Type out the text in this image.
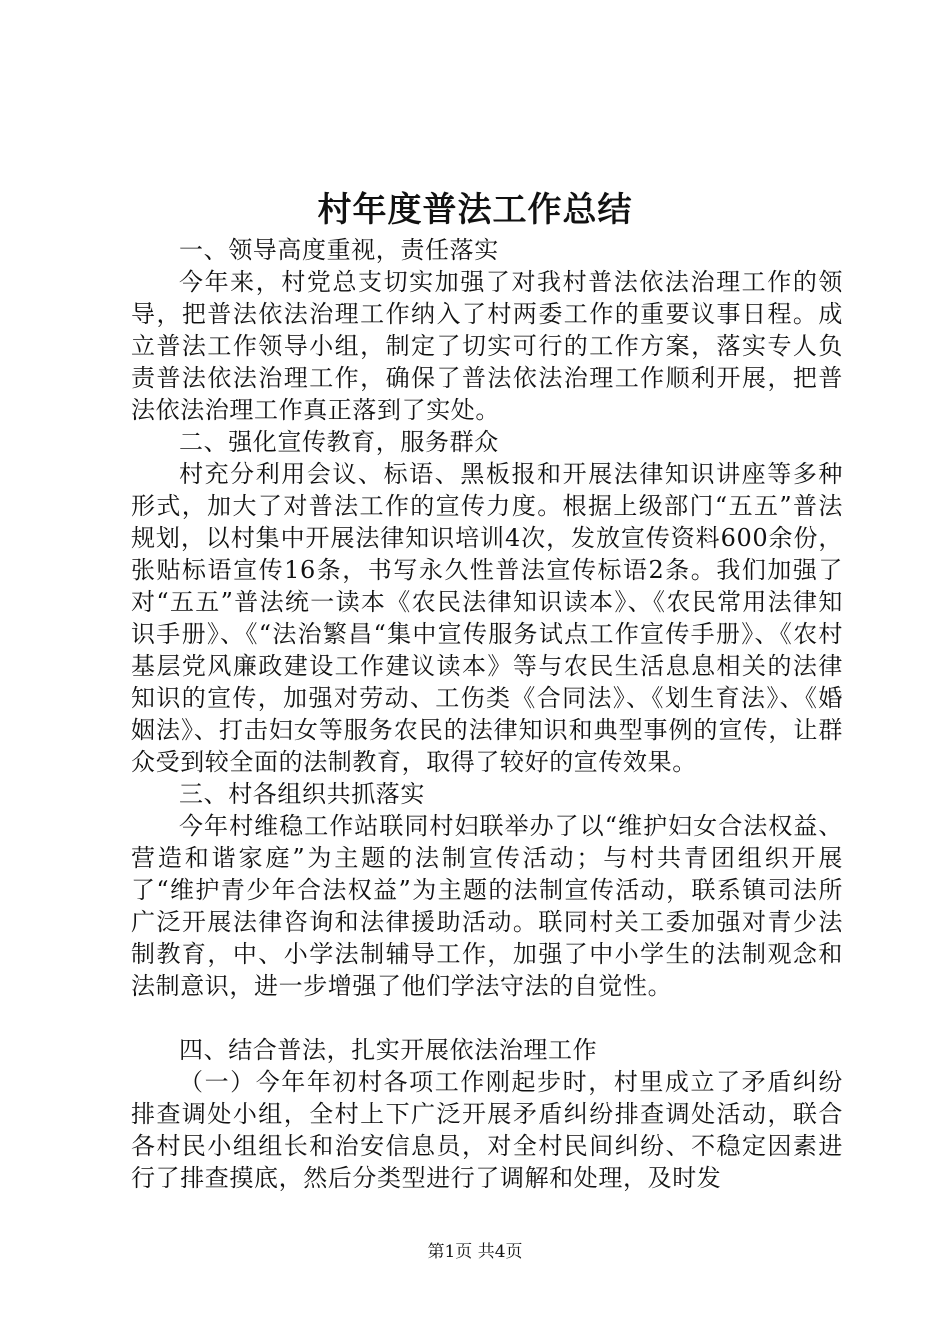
村年度普法工作总结

一、领导高度重视，责任落实

今年来，村党总支切实加强了对我村普法依法治理工作的领导，把普法依法治理工作纳入了村两委工作的重要议事日程。成立普法工作领导小组，制定了切实可行的工作方案，落实专人负责普法依法治理工作，确保了普法依法治理工作顺利开展，把普法依法治理工作真正落到了实处。

二、强化宣传教育，服务群众

村充分利用会议、标语、黑板报和开展法律知识讲座等多种形式，加大了对普法工作的宣传力度。根据上级部门“五五”普法规划，以村集中开展法律知识培训4次，发放宣传资料600余份，张贴标语宣传16条，书写永久性普法宣传标语2条。我们加强了对“五五”普法统一读本《农民法律知识读本》、《农民常用法律知识手册》、《“法治繁昌“集中宣传服务试点工作宣传手册》、《农村基层党风廉政建设工作建议读本》等与农民生活息息相关的法律知识的宣传，加强对劳动、工伤类《合同法》、《划生育法》、《婚姻法》、打击妇女等服务农民的法律知识和典型事例的宣传，让群众受到较全面的法制教育，取得了较好的宣传效果。

三、村各组织共抓落实

今年村维稳工作站联同村妇联举办了以“维护妇女合法权益、营造和谐家庭”为主题的法制宣传活动；与村共青团组织开展了“维护青少年合法权益”为主题的法制宣传活动，联系镇司法所广泛开展法律咨询和法律援助活动。联同村关工委加强对青少法制教育，中、小学法制辅导工作，加强了中小学生的法制观念和法制意识，进一步增强了他们学法守法的自觉性。

四、结合普法，扎实开展依法治理工作

（一）今年年初村各项工作刚起步时，村里成立了矛盾纠纷排查调处小组，全村上下广泛开展矛盾纠纷排查调处活动，联合各村民小组组长和治安信息员，对全村民间纠纷、不稳定因素进行了排查摸底，然后分类型进行了调解和处理，及时发

第1页 共4页
